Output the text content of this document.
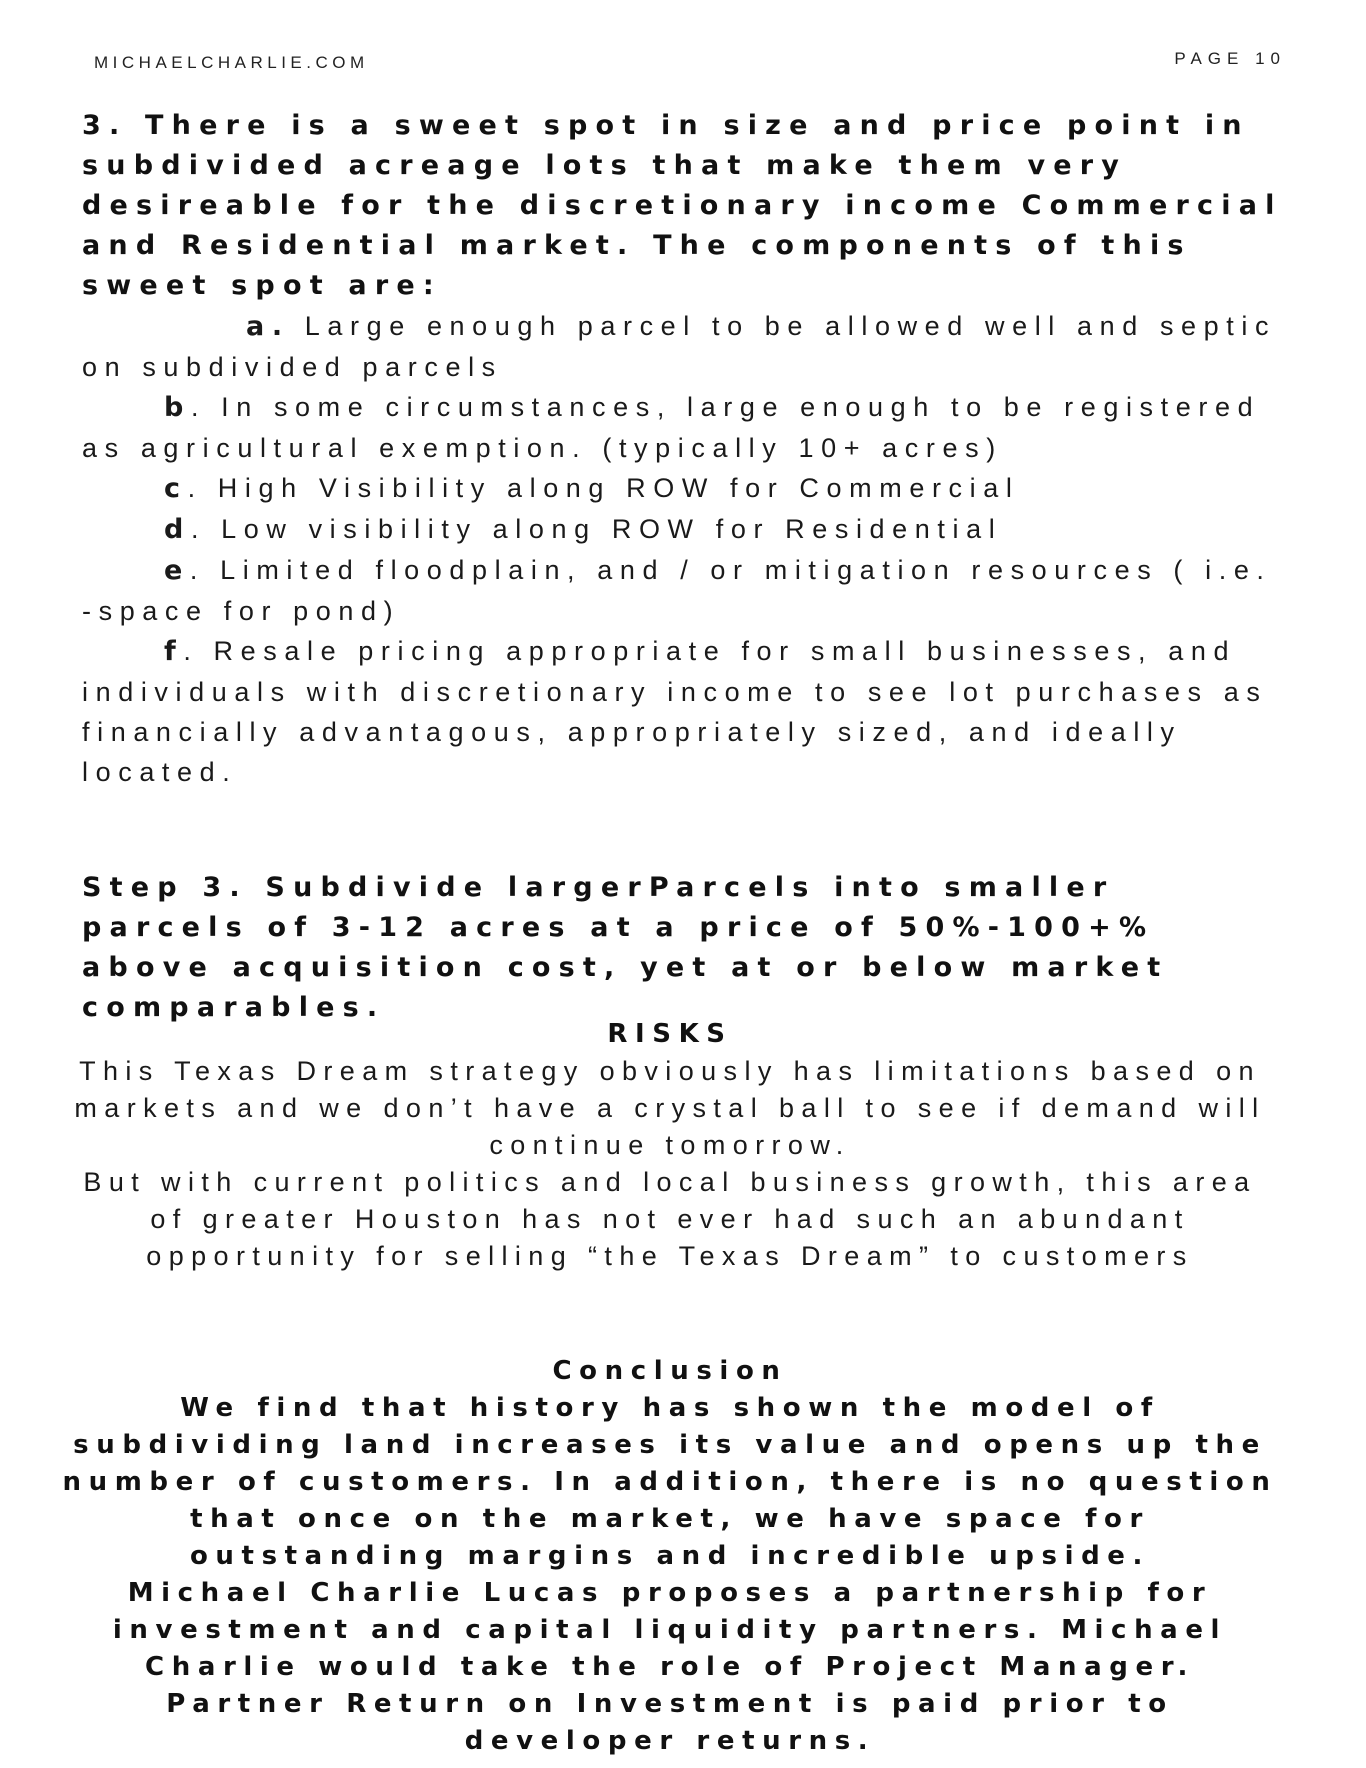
MICHAELCHARLIE.COM	PAGE 10

3. There is a sweet spot in size and price point in subdivided acreage lots that make them very desireable for the discretionary income Commercial and Residential market. The components of this sweet spot are:

a. Large enough parcel to be allowed well and septic on subdivided parcels

b. In some circumstances, large enough to be registered as agricultural exemption. (typically 10+ acres)

c. High Visibility along ROW for Commercial

d. Low visibility along ROW for Residential

e. Limited floodplain, and / or mitigation resources ( i.e. -space for pond)

f. Resale pricing appropriate for small businesses, and individuals with discretionary income to see lot purchases as financially advantagous, appropriately sized, and ideally located.

Step 3. Subdivide largerParcels into smaller parcels of 3-12 acres at a price of 50%-100+% above acquisition cost, yet at or below market comparables.

RISKS

This Texas Dream strategy obviously has limitations based on markets and we don’t have a crystal ball to see if demand will continue tomorrow.

But with current politics and local business growth, this area of greater Houston has not ever had such an abundant opportunity for selling “the Texas Dream” to customers

Conclusion

We find that history has shown the model of subdividing land increases its value and opens up the number of customers. In addition, there is no question that once on the market, we have space for outstanding margins and incredible upside.

Michael Charlie Lucas proposes a partnership for investment and capital liquidity partners. Michael Charlie would take the role of Project Manager. Partner Return on Investment is paid prior to developer returns.
